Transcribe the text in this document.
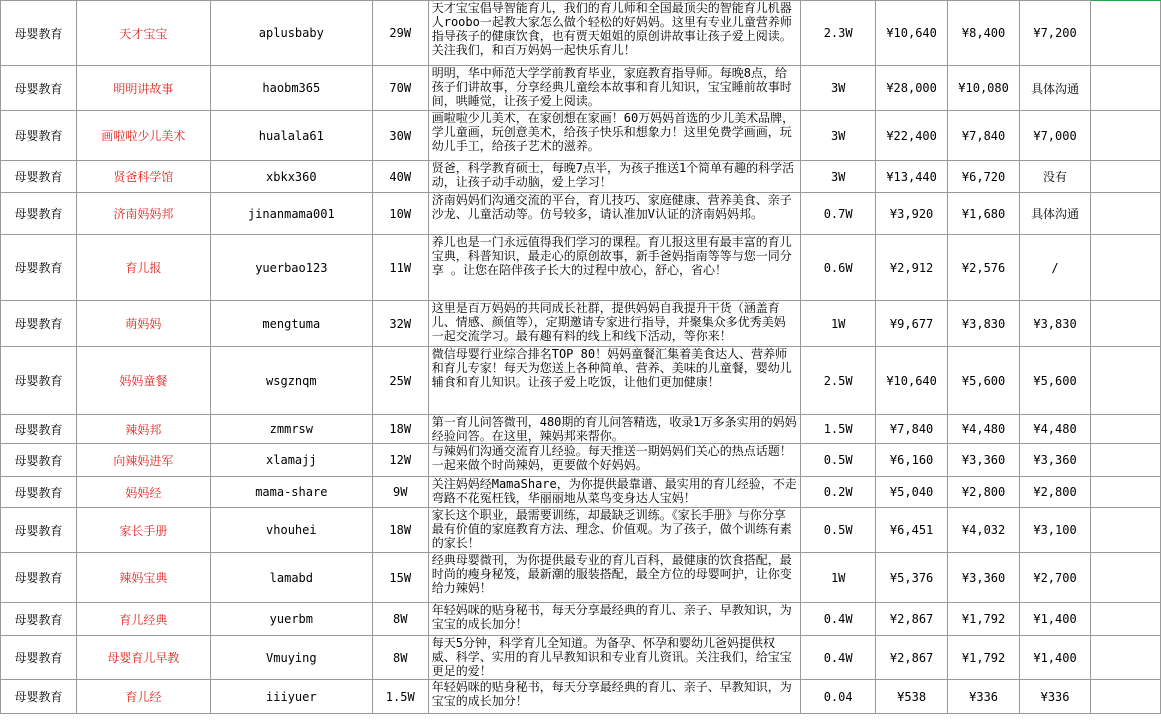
母婴教育	天才宝宝	aplusbaby	29W	天才宝宝倡导智能育儿，我们的育儿师和全国最顶尖的智能育儿机器人roobo一起教大家怎么做个轻松的好妈妈。这里有专业儿童营养师指导孩子的健康饮食，也有贾天姐姐的原创讲故事让孩子爱上阅读。关注我们，和百万妈妈一起快乐育儿！	2.3W	¥10,640	¥8,400	¥7,200	

母婴教育	明明讲故事	haobm365	70W	明明，华中师范大学学前教育毕业，家庭教育指导师。每晚8点，给孩子们讲故事，分享经典儿童绘本故事和育儿知识，宝宝睡前故事时间，哄睡觉，让孩子爱上阅读。	3W	¥28,000	¥10,080	具体沟通	

母婴教育	画啦啦少儿美术	hualala61	30W	画啦啦少儿美术，在家创想在家画！60万妈妈首选的少儿美术品牌，学儿童画，玩创意美术，给孩子快乐和想象力！这里免费学画画，玩幼儿手工，给孩子艺术的滋养。	3W	¥22,400	¥7,840	¥7,000	

母婴教育	贤爸科学馆	xbkx360	40W	贤爸，科学教育硕士，每晚7点半，为孩子推送1个简单有趣的科学活动，让孩子动手动脑，爱上学习！	3W	¥13,440	¥6,720	没有	

母婴教育	济南妈妈邦	jinanmama001	10W	济南妈妈们沟通交流的平台，育儿技巧、家庭健康、营养美食、亲子沙龙、儿童活动等。仿号较多，请认准加V认证的济南妈妈邦。	0.7W	¥3,920	¥1,680	具体沟通	

母婴教育	育儿报	yuerbao123	11W	养儿也是一门永远值得我们学习的课程。育儿报这里有最丰富的育儿宝典，科普知识，最走心的原创故事，新手爸妈指南等等与您一同分享 。让您在陪伴孩子长大的过程中放心，舒心，省心！	0.6W	¥2,912	¥2,576	/	

母婴教育	萌妈妈	mengtuma	32W	这里是百万妈妈的共同成长社群，提供妈妈自我提升干货（涵盖育儿、情感、颜值等），定期邀请专家进行指导，并聚集众多优秀美妈一起交流学习。最有趣有料的线上和线下活动，等你来！	1W	¥9,677	¥3,830	¥3,830	

母婴教育	妈妈童餐	wsgznqm	25W	微信母婴行业综合排名TOP 80！妈妈童餐汇集着美食达人、营养师和育儿专家！每天为您送上各种简单、营养、美味的儿童餐，婴幼儿辅食和育儿知识。让孩子爱上吃饭，让他们更加健康！	2.5W	¥10,640	¥5,600	¥5,600	

母婴教育	辣妈邦	zmmrsw	18W	第一育儿问答微刊，480期的育儿问答精选，收录1万多条实用的妈妈经验问答。在这里，辣妈邦来帮你。	1.5W	¥7,840	¥4,480	¥4,480	

母婴教育	向辣妈进军	xlamajj	12W	与辣妈们沟通交流育儿经验。每天推送一期妈妈们关心的热点话题！一起来做个时尚辣妈，更要做个好妈妈。	0.5W	¥6,160	¥3,360	¥3,360	

母婴教育	妈妈经	mama-share	9W	关注妈妈经MamaShare，为你提供最靠谱、最实用的育儿经验，不走弯路不花冤枉钱，华丽丽地从菜鸟变身达人宝妈！	0.2W	¥5,040	¥2,800	¥2,800	

母婴教育	家长手册	vhouhei	18W	家长这个职业，最需要训练，却最缺乏训练。《家长手册》与你分享最有价值的家庭教育方法、理念、价值观。为了孩子，做个训练有素的家长！	0.5W	¥6,451	¥4,032	¥3,100	

母婴教育	辣妈宝典	lamabd	15W	经典母婴微刊，为你提供最专业的育儿百科，最健康的饮食搭配，最时尚的瘦身秘笈，最新潮的服装搭配，最全方位的母婴呵护，让你变给力辣妈！	1W	¥5,376	¥3,360	¥2,700	

母婴教育	育儿经典	yuerbm	8W	年轻妈咪的贴身秘书，每天分享最经典的育儿、亲子、早教知识，为宝宝的成长加分！	0.4W	¥2,867	¥1,792	¥1,400	

母婴教育	母婴育儿早教	Vmuying	8W	每天5分钟，科学育儿全知道。为备孕、怀孕和婴幼儿爸妈提供权威、科学、实用的育儿早教知识和专业育儿资讯。关注我们，给宝宝更足的爱！	0.4W	¥2,867	¥1,792	¥1,400	

母婴教育	育儿经	iiiyuer	1.5W	年轻妈咪的贴身秘书，每天分享最经典的育儿、亲子、早教知识，为宝宝的成长加分！	0.04	¥538	¥336	¥336	
